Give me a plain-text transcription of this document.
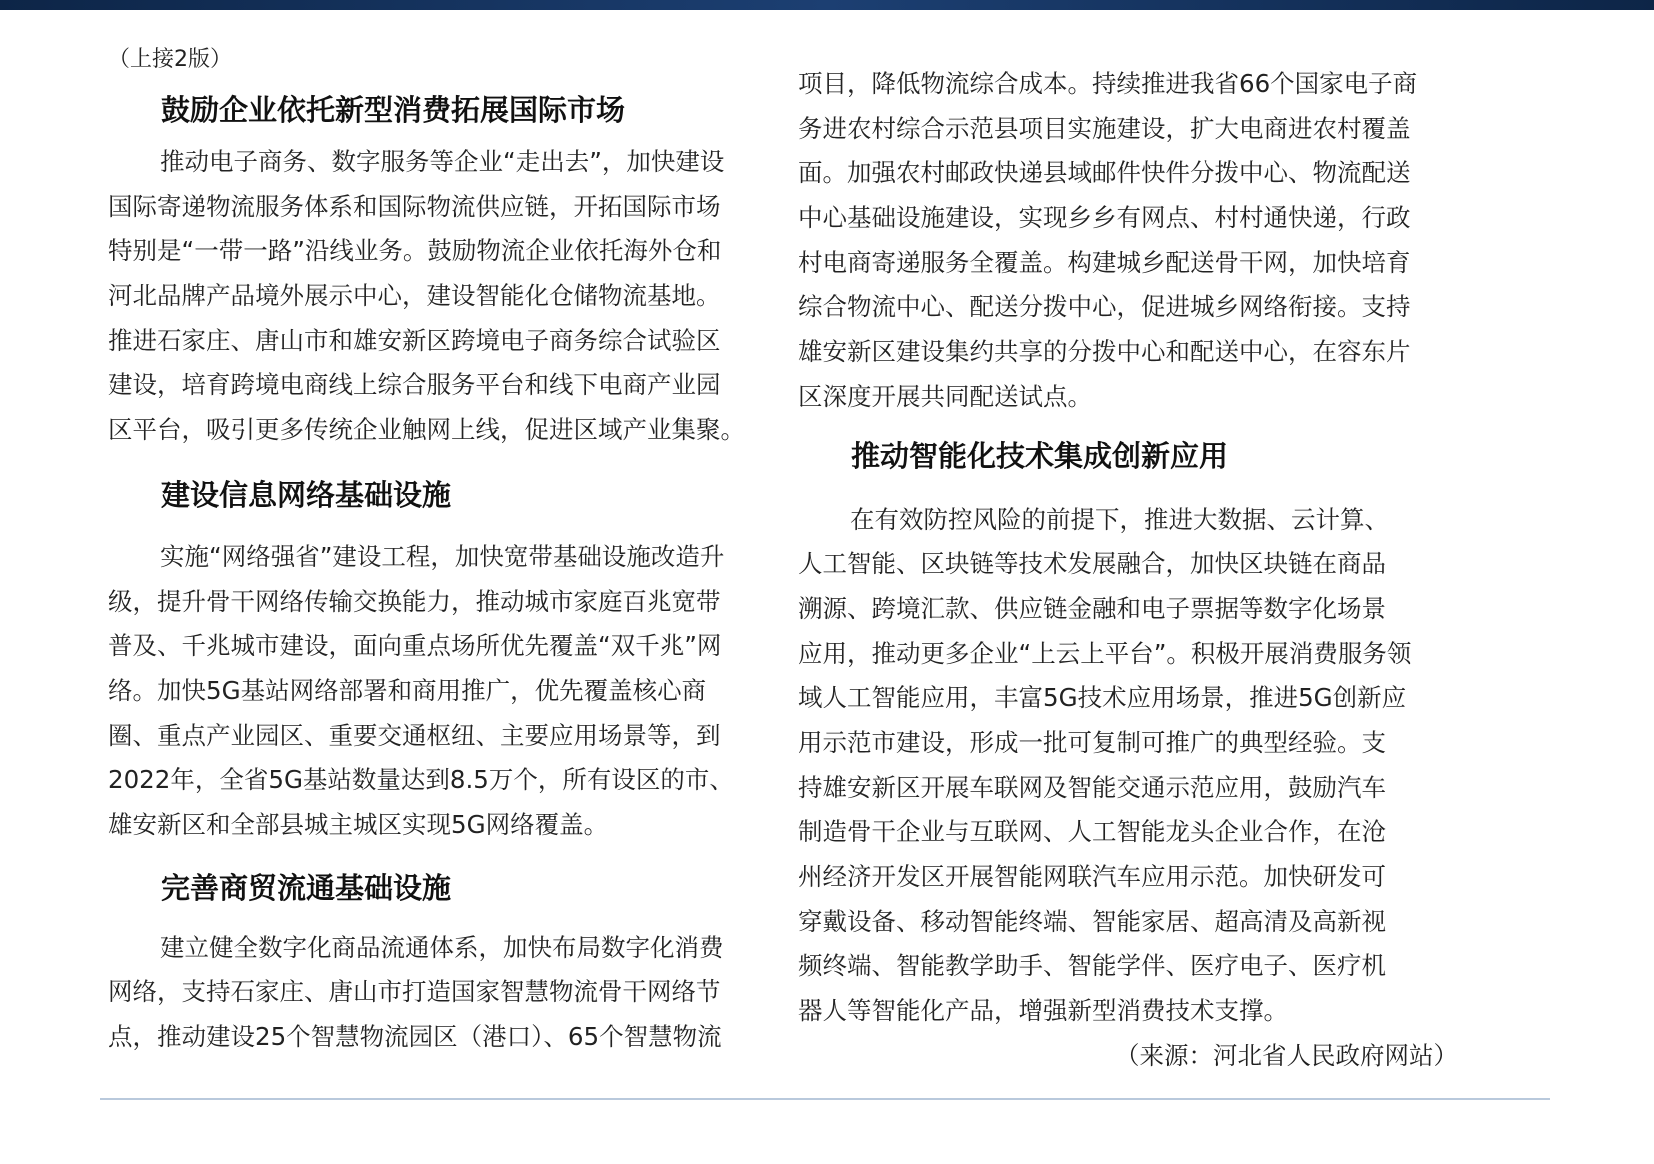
（上接2版）
鼓励企业依托新型消费拓展国际市场
推动电子商务、数字服务等企业“走出去”，加快建设
国际寄递物流服务体系和国际物流供应链，开拓国际市场
特别是“一带一路”沿线业务。鼓励物流企业依托海外仓和
河北品牌产品境外展示中心，建设智能化仓储物流基地。
推进石家庄、唐山市和雄安新区跨境电子商务综合试验区
建设，培育跨境电商线上综合服务平台和线下电商产业园
区平台，吸引更多传统企业触网上线，促进区域产业集聚。
建设信息网络基础设施
实施“网络强省”建设工程，加快宽带基础设施改造升
级，提升骨干网络传输交换能力，推动城市家庭百兆宽带
普及、千兆城市建设，面向重点场所优先覆盖“双千兆”网
络。加快5G基站网络部署和商用推广，优先覆盖核心商
圈、重点产业园区、重要交通枢纽、主要应用场景等，到
2022年，全省5G基站数量达到8.5万个，所有设区的市、
雄安新区和全部县城主城区实现5G网络覆盖。
完善商贸流通基础设施
建立健全数字化商品流通体系，加快布局数字化消费
网络，支持石家庄、唐山市打造国家智慧物流骨干网络节
点，推动建设25个智慧物流园区（港口）、65个智慧物流
项目，降低物流综合成本。持续推进我省66个国家电子商
务进农村综合示范县项目实施建设，扩大电商进农村覆盖
面。加强农村邮政快递县域邮件快件分拨中心、物流配送
中心基础设施建设，实现乡乡有网点、村村通快递，行政
村电商寄递服务全覆盖。构建城乡配送骨干网，加快培育
综合物流中心、配送分拨中心，促进城乡网络衔接。支持
雄安新区建设集约共享的分拨中心和配送中心，在容东片
区深度开展共同配送试点。
推动智能化技术集成创新应用
在有效防控风险的前提下，推进大数据、云计算、
人工智能、区块链等技术发展融合，加快区块链在商品
溯源、跨境汇款、供应链金融和电子票据等数字化场景
应用，推动更多企业“上云上平台”。积极开展消费服务领
域人工智能应用，丰富5G技术应用场景，推进5G创新应
用示范市建设，形成一批可复制可推广的典型经验。支
持雄安新区开展车联网及智能交通示范应用，鼓励汽车
制造骨干企业与互联网、人工智能龙头企业合作，在沧
州经济开发区开展智能网联汽车应用示范。加快研发可
穿戴设备、移动智能终端、智能家居、超高清及高新视
频终端、智能教学助手、智能学伴、医疗电子、医疗机
器人等智能化产品，增强新型消费技术支撑。
（来源：河北省人民政府网站）
